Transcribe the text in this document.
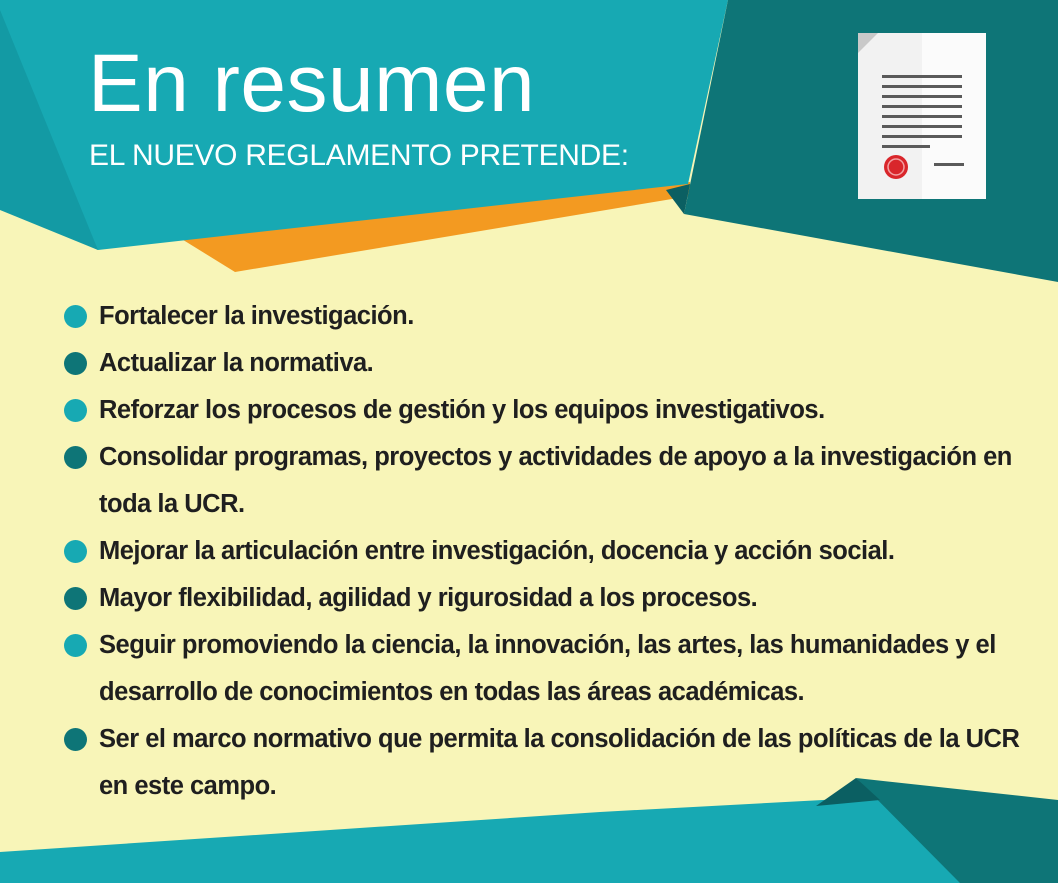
En resumen
EL NUEVO REGLAMENTO PRETENDE:
Fortalecer la investigación.
Actualizar la normativa.
Reforzar los procesos de gestión y los equipos investigativos.
Consolidar programas, proyectos y actividades de apoyo a la investigación en toda la UCR.
Mejorar la articulación entre investigación, docencia y acción social.
Mayor flexibilidad, agilidad y rigurosidad a los procesos.
Seguir promoviendo la ciencia, la innovación, las artes, las humanidades y el desarrollo de conocimientos en todas las áreas académicas.
Ser el marco normativo que permita la consolidación de las políticas de la UCR en este campo.
